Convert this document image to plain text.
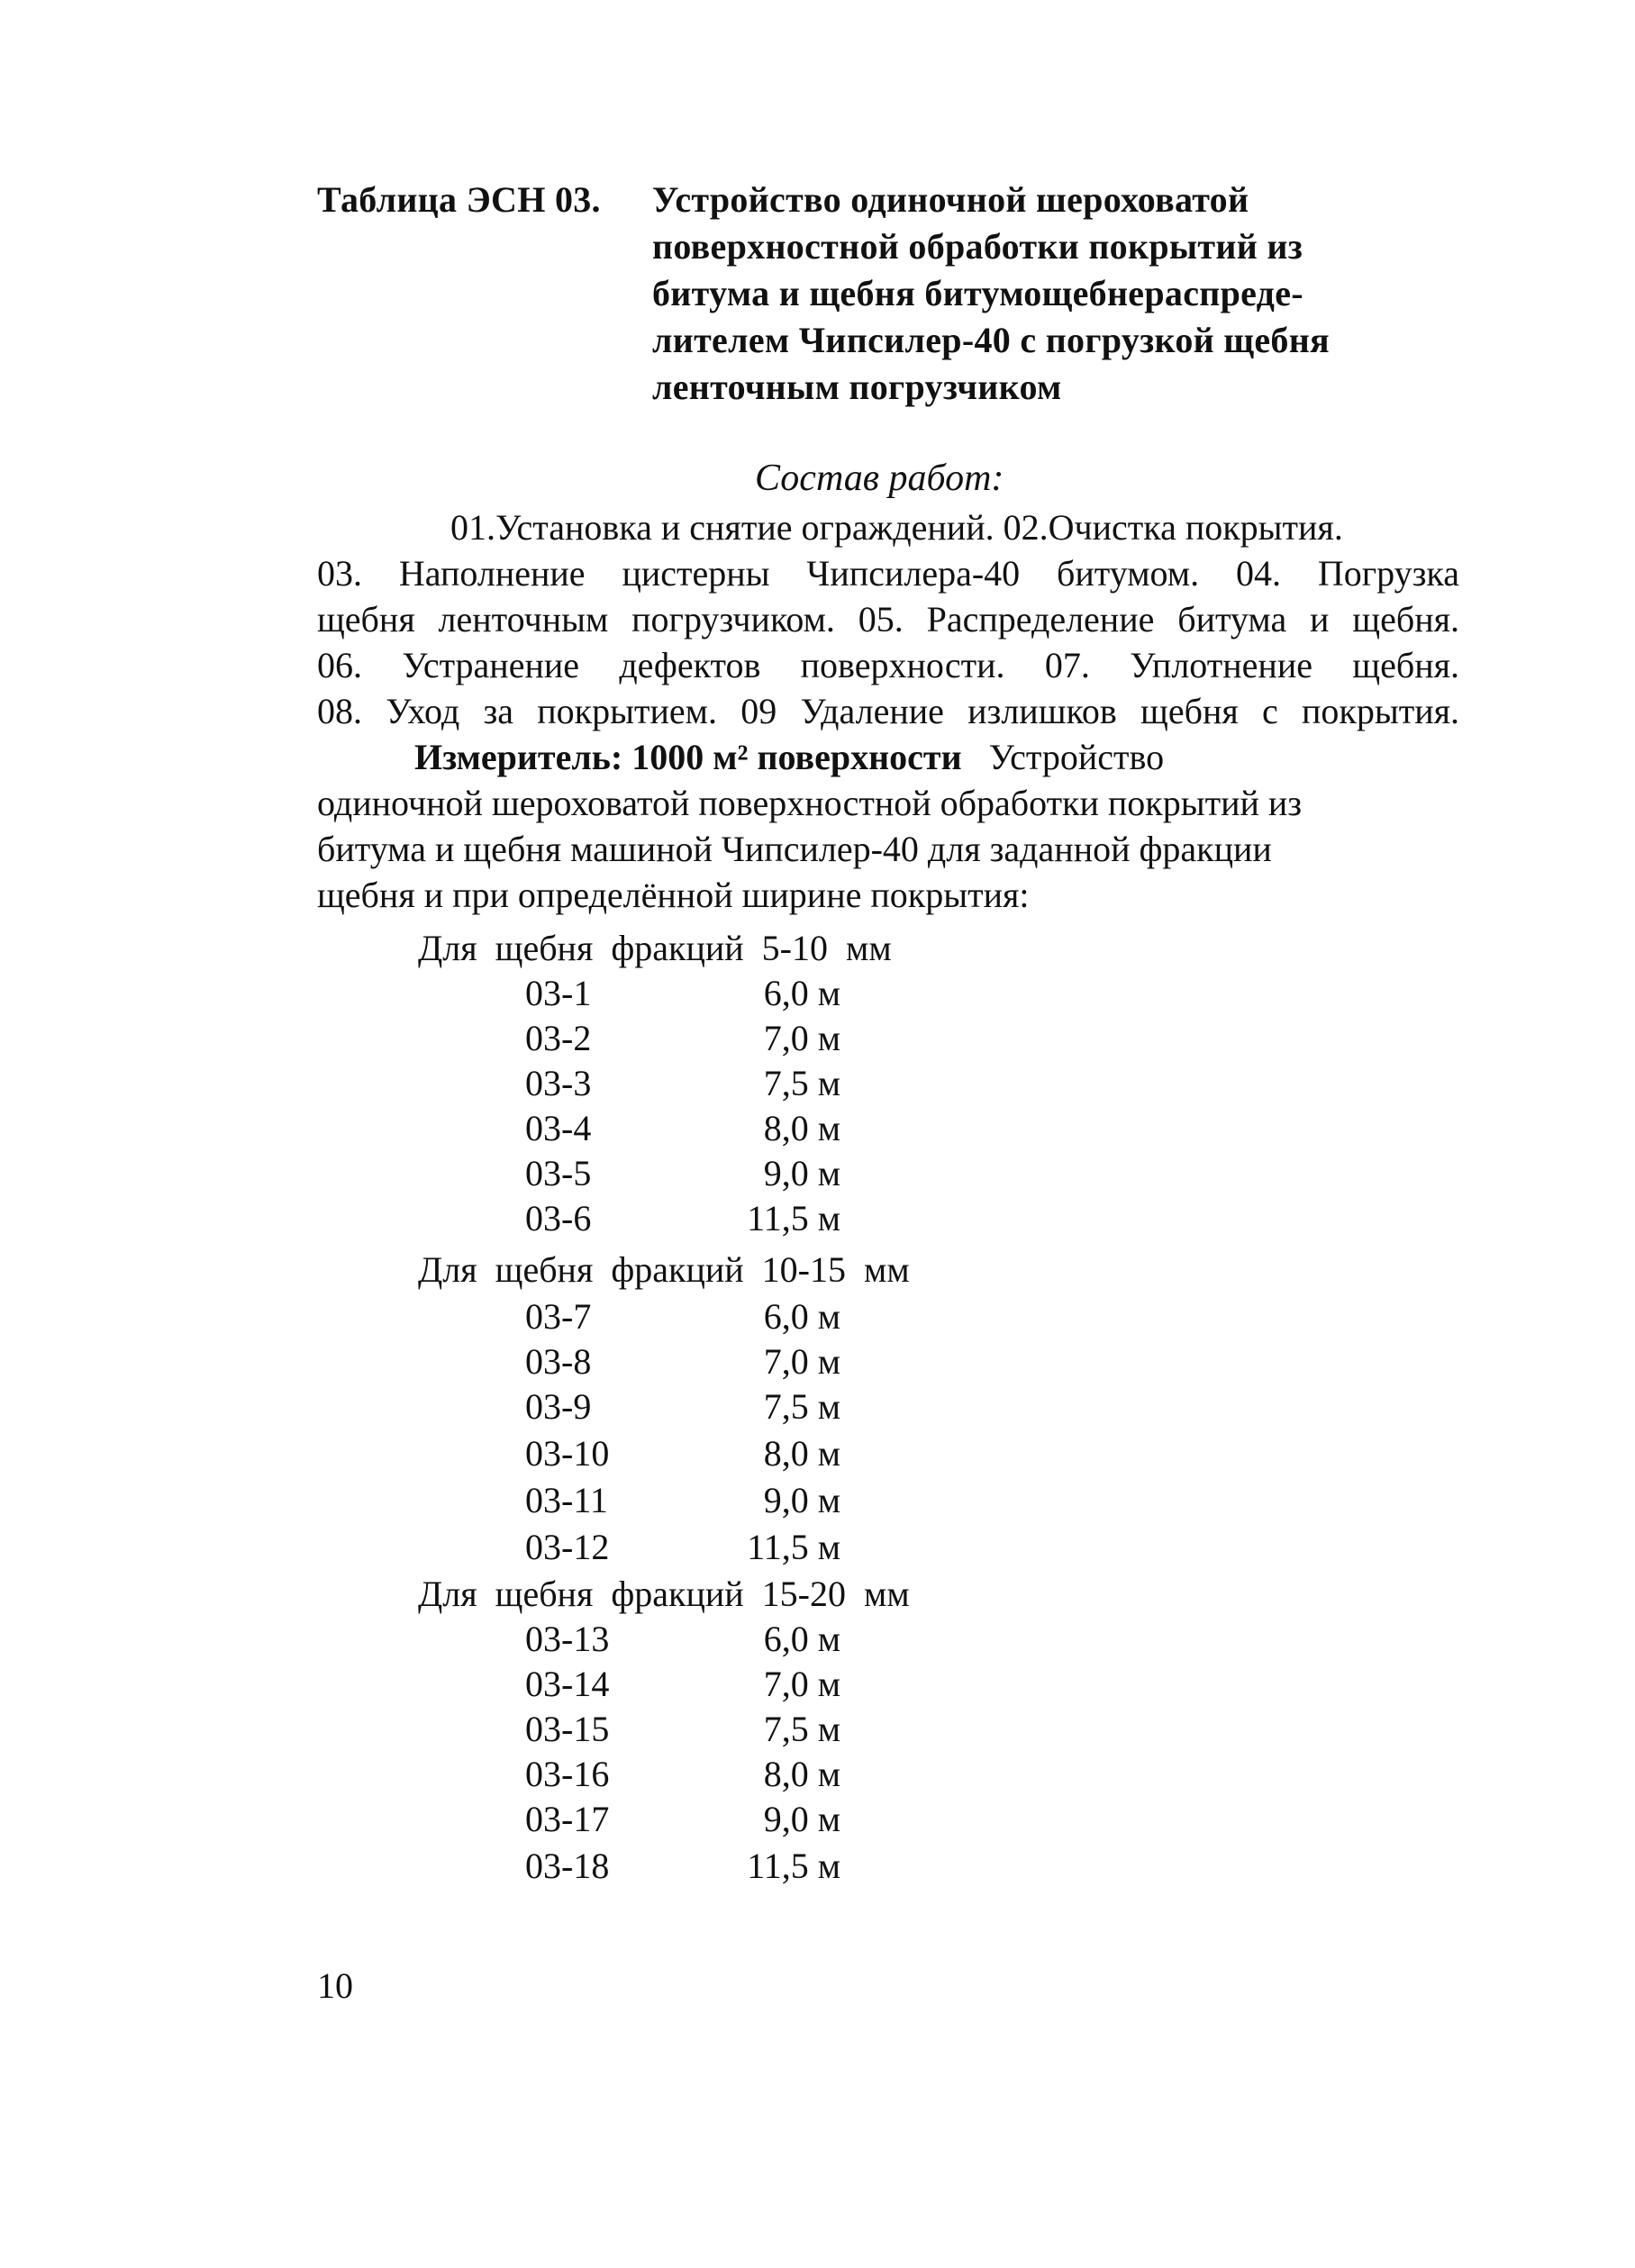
Таблица ЭСН 03. Устройство одиночной шероховатой
поверхностной обработки покрытий из
битума и щебня битумощебнераспреде-
лителем Чипсилер-40 с погрузкой щебня
ленточным погрузчиком
Состав работ:
01.Установка и снятие ограждений. 02.Очистка покрытия.
03. Наполнение цистерны Чипсилера-40 битумом. 04. Погрузка
щебня ленточным погрузчиком. 05. Распределение битума и щебня.
06. Устранение дефектов поверхности. 07. Уплотнение щебня.
08. Уход за покрытием. 09 Удаление излишков щебня с покрытия.
Измеритель: 1000 м² поверхности Устройство
одиночной шероховатой поверхностной обработки покрытий из
битума и щебня машиной Чипсилер-40 для заданной фракции
щебня и при определённой ширине покрытия:
Для щебня фракций 5-10 мм
03-1	6,0 м
03-2	7,0 м
03-3	7,5 м
03-4	8,0 м
03-5	9,0 м
03-6	11,5 м
Для щебня фракций 10-15 мм
03-7	6,0 м
03-8	7,0 м
03-9	7,5 м
03-10	8,0 м
03-11	9,0 м
03-12	11,5 м
Для щебня фракций 15-20 мм
03-13	6,0 м
03-14	7,0 м
03-15	7,5 м
03-16	8,0 м
03-17	9,0 м
03-18	11,5 м
10
